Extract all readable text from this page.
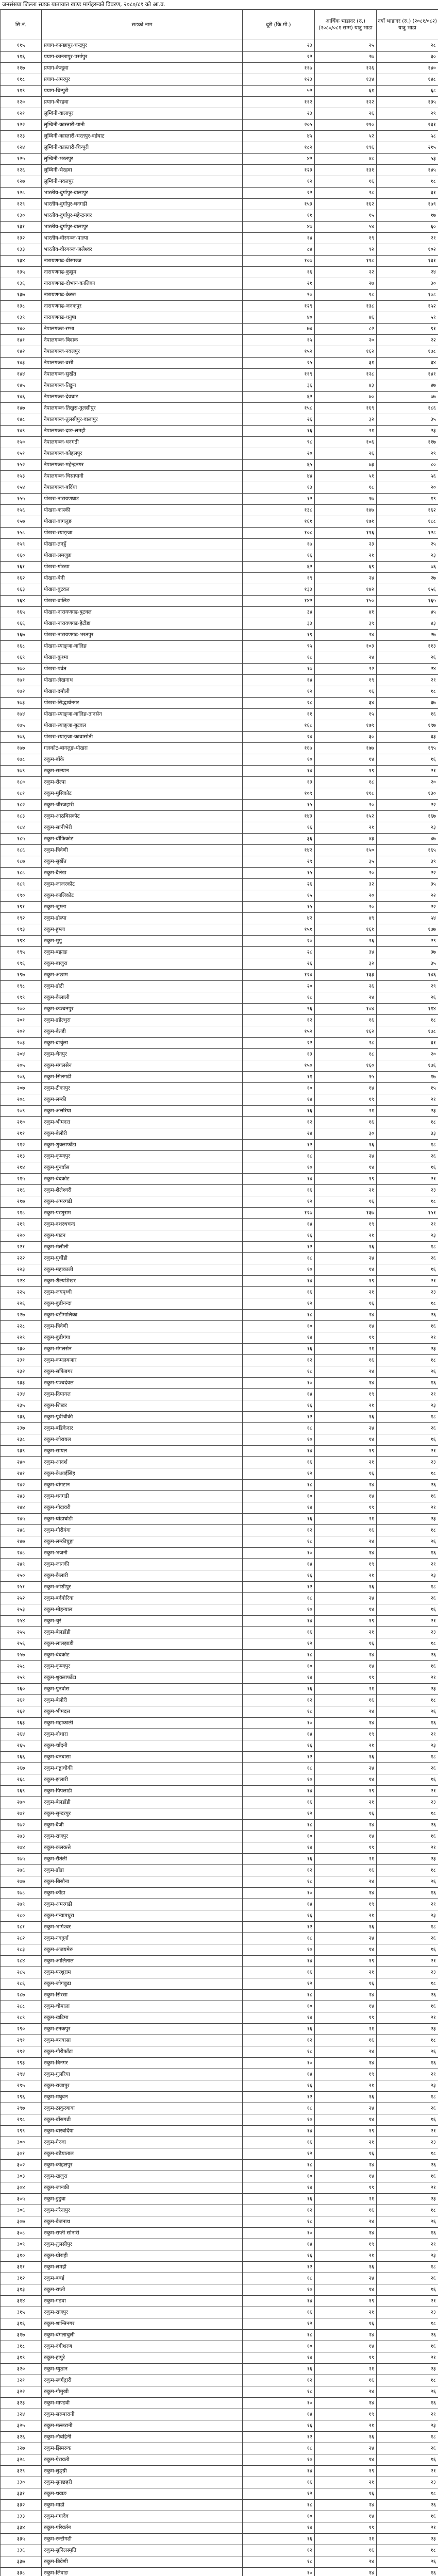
जनसंख्या जिल्ला सडक यातायात खण्ड मार्गहरूको विवरण, २०८०/८१ को आ.व.
सि.नं.	सडको नाम	दूरी (कि.मी.)	आर्थिक भाडादर (रु.) (२०८०/०८१ सम्म) यात्रु भाडा	नयाँ भाडादर (रु.) (२०८१/०८२) यात्रु भाडा
११५	प्रयाग-कान्छापुर-चन्द्रपुर	२३	२५	२८
११६	प्रयाग-कान्छापुर-पर्सापुर	२२	२७	३०
११७	प्रयाग-केन्द्रुवा	११७	१२६	१४०
११८	प्रयाग-अमरपुर	१२३	१३४	१४८
११९	प्रयाग-चिन्पुरी	५२	६१	६८
१२०	प्रयाग-भैरहवा	११२	१२२	१३५
१२१	लुम्बिनी-वालापुर	२३	२६	२९
१२२	लुम्बिनी-कास्तारी-पानी	२०५	२१०	२३१
१२३	लुम्बिनी-कास्तारी-भरतपुर-वर्डघाट	४५	५२	५८
१२४	लुम्बिनी-कास्तारी-चिन्पुरी	१८२	१९६	२१५
१२५	लुम्बिनी-भरतपुर	४२	४८	५३
१२६	लुम्बिनी-भैरहवा	१२३	१३१	१४५
१२७	लुम्बिनी-नवलपुर	१२	१६	१८
१२८	भारतीय-दुर्गापुर-वालापुर	२२	२८	३१
१२९	भारतीय-दुर्गापुर-धनगढी	१५३	१६२	१७९
१३०	भारतीय-दुर्गापुर-महेन्द्रनगर	११	१५	१७
१३१	भारतीय-दुर्गापुर-वालापुर	४७	५४	६०
१३२	भारतीय-वीरगञ्ज-पाल्पा	१४	१९	२१
१३३	भारतीय-वीरगञ्ज-जलेश्वर	८४	९२	१०२
१३४	नारायणगढ-वीरगञ्ज	१०७	११८	१३१
१३५	नारायणगढ-कुसुम	१६	२२	२४
१३६	नारायणगढ-दोभान-कालिका	२१	२७	३०
१३७	नारायणगढ-केरुङ	९०	९८	१०८
१३८	नारायणगढ-जनकपुर	१२९	१३८	१५२
१३९	नारायणगढ-धनुषा	४०	४६	५१
१४०	नेपालगञ्ज-रम्भा	७४	८२	९१
१४१	नेपालगञ्ज-बिदाक	१५	२०	२२
१४२	नेपालगञ्ज-नवलपुर	१५२	१६२	१७८
१४३	नेपालगञ्ज-वसी	२५	३१	३४
१४४	नेपालगञ्ज-सुर्खेत	११९	१२८	१४१
१४५	नेपालगञ्ज-तिङ्कुन	३६	४३	४७
१४६	नेपालगञ्ज-देवघाट	६२	७०	७७
१४७	नेपालगञ्ज-तिखुरा-तुलसीपुर	१५८	१६९	१८६
१४८	नेपालगञ्ज-तुलसीपुर-वालापुर	२६	३२	३५
१४९	नेपालगञ्ज-दाङ-लमही	१६	२१	२३
१५०	नेपालगञ्ज-धनगढी	९८	१०६	११७
१५१	नेपालगञ्ज-कोहलपुर	२०	२६	२९
१५२	नेपालगञ्ज-महेन्द्रनगर	६५	७३	८०
१५३	नेपालगञ्ज-चिसापानी	४४	५१	५६
१५४	नेपालगञ्ज-बर्दिया	१३	१८	२०
१५५	पोखरा-नारायणघाट	१२	१७	१९
१५६	पोखरा-कास्की	१३८	१४७	१६२
१५७	पोखरा-बागलुङ	१६१	१७१	१८८
१५८	पोखरा-स्याङ्जा	१०८	११६	१२८
१५९	पोखरा-तनहुँ	१७	२३	२५
१६०	पोखरा-लमजुङ	१६	२१	२३
१६१	पोखरा-गोरखा	६२	६९	७६
१६२	पोखरा-बेनी	१९	२४	२७
१६३	पोखरा-बुटवल	१३३	१४२	१५६
१६४	पोखरा-वालिङ	१४२	१५०	१६५
१६५	पोखरा-नारायणगढ-बुटवल	३४	४१	४५
१६६	पोखरा-नारायणगढ-हेटौंडा	३३	३९	४३
१६७	पोखरा-नारायणगढ-भरतपुर	१९	२४	२७
१६८	पोखरा-स्याङ्जा-वालिङ	९५	१०३	११३
१६९	पोखरा-कुश्मा	१८	२४	२६
१७०	पोखरा-पर्वत	१७	२२	२४
१७१	पोखरा-लेखनाथ	१४	१९	२१
१७२	पोखरा-दमौली	१२	१६	१८
१७३	पोखरा-सिद्धार्थनगर	२८	३४	३७
१७४	पोखरा-स्याङ्जा-वालिङ-तानसेन	११	१५	१६
१७५	पोखरा-स्याङ्जा-बुटवल	१६८	१७९	१९७
१७६	पोखरा-स्याङ्जा-कावासोती	२४	३०	३३
१७७	गलकोट-बागलुङ-पोखरा	१६७	१७७	१९५
१७८	रुकुम-बाँके	१०	१४	१६
१७९	रुकुम-सल्यान	१४	१९	२१
१८०	रुकुम-रोल्पा	१३	१८	२०
१८१	रुकुम-मुसिकोट	१०९	११८	१३०
१८२	रुकुम-चौरजहारी	१५	२०	२२
१८३	रुकुम-आठबिसकोट	१४३	१५२	१६७
१८४	रुकुम-सानीभेरी	१६	२१	२३
१८५	रुकुम-बाँफिकोट	३६	४३	४७
१८६	रुकुम-त्रिवेणी	१४२	१५०	१६५
१८७	रुकुम-सुर्खेत	२९	३५	३९
१८८	रुकुम-दैलेख	१५	२०	२२
१८९	रुकुम-जाजरकोट	२६	३२	३५
१९०	रुकुम-कालिकोट	१५	२०	२२
१९१	रुकुम-जुम्ला	१५	२०	२२
१९२	रुकुम-डोल्पा	४२	४९	५४
१९३	रुकुम-हुम्ला	१५१	१६१	१७७
१९४	रुकुम-मुगु	२०	२६	२९
१९५	रुकुम-बझाङ	२८	३४	३७
१९६	रुकुम-बाजुरा	२६	३२	३५
१९७	रुकुम-अछाम	१२४	१३३	१४६
१९८	रुकुम-डोटी	२०	२६	२९
१९९	रुकुम-कैलाली	१८	२४	२६
२००	रुकुम-कञ्चनपुर	९६	१०४	११४
२०१	रुकुम-डडेल्धुरा	१२	१६	१८
२०२	रुकुम-बैतडी	१५२	१६२	१७८
२०३	रुकुम-दार्चुला	२२	२८	३१
२०४	रुकुम-चैनपुर	१३	१८	२०
२०५	रुकुम-मंगलसेन	१५०	१६०	१७६
२०६	रुकुम-सिलगढी	११	१५	१७
२०७	रुकुम-टीकापुर	१०	१४	१५
२०८	रुकुम-लम्की	१४	१९	२१
२०९	रुकुम-अत्तरिया	१६	२१	२३
२१०	रुकुम-भीमदत्त	१२	१६	१८
२११	रुकुम-बेलौरी	२४	३०	३३
२१२	रुकुम-शुक्लाफाँटा	१२	१६	१८
२१३	रुकुम-कृष्णपुर	१८	२४	२६
२१४	रुकुम-पुनर्वास	१०	१४	१६
२१५	रुकुम-बेदकोट	१४	१९	२१
२१६	रुकुम-शैलेश्वरी	१६	२१	२३
२१७	रुकुम-अमरगढी	१२	१६	१८
२१८	रुकुम-परशुराम	१२७	१३७	१५१
२१९	रुकुम-दशरथचन्द	१४	१९	२१
२२०	रुकुम-पाटन	१६	२१	२३
२२१	रुकुम-मेलौली	१२	१६	१८
२२२	रुकुम-पुर्चौडी	१८	२४	२६
२२३	रुकुम-महाकाली	१०	१४	१६
२२४	रुकुम-शैल्यशिखर	१४	१९	२१
२२५	रुकुम-जयपृथ्वी	१६	२१	२३
२२६	रुकुम-बुढीनन्दा	१२	१६	१८
२२७	रुकुम-बडीमालिका	१८	२४	२६
२२८	रुकुम-त्रिवेणी	१०	१४	१६
२२९	रुकुम-बुढीगंगा	१४	१९	२१
२३०	रुकुम-मंगलसेन	१६	२१	२३
२३१	रुकुम-कमलबजार	१२	१६	१८
२३२	रुकुम-साँफेबगर	१८	२४	२६
२३३	रुकुम-पञ्चदेवल	१०	१४	१६
२३४	रुकुम-दिपायल	१४	१९	२१
२३५	रुकुम-शिखर	१६	२१	२३
२३६	रुकुम-पूर्वीचौकी	१२	१६	१८
२३७	रुकुम-बडिकेदार	१८	२४	२६
२३८	रुकुम-जोरायल	१०	१४	१६
२३९	रुकुम-सायल	१४	१९	२१
२४०	रुकुम-आदर्श	१६	२१	२३
२४१	रुकुम-केआईसिंह	१२	१६	१८
२४२	रुकुम-बोगटान	१८	२४	२६
२४३	रुकुम-धनगढी	१०	१४	१६
२४४	रुकुम-गोदावरी	१४	१९	२१
२४५	रुकुम-घोडाघोडी	१६	२१	२३
२४६	रुकुम-गौरीगंगा	१२	१६	१८
२४७	रुकुम-लम्कीचुहा	१८	२४	२६
२४८	रुकुम-भजनी	१०	१४	१६
२४९	रुकुम-जानकी	१४	१९	२१
२५०	रुकुम-कैलारी	१६	२१	२३
२५१	रुकुम-जोशीपुर	१२	१६	१८
२५२	रुकुम-बर्दगोरिया	१८	२४	२६
२५३	रुकुम-मोहन्याल	१०	१४	१६
२५४	रुकुम-चुरे	१४	१९	२१
२५५	रुकुम-बेलडाँडी	१६	२१	२३
२५६	रुकुम-लालझाडी	१२	१६	१८
२५७	रुकुम-बेदकोट	१८	२४	२६
२५८	रुकुम-कृष्णपुर	१०	१४	१६
२५९	रुकुम-शुक्लाफाँटा	१४	१९	२१
२६०	रुकुम-पुनर्वास	१६	२१	२३
२६१	रुकुम-बेलौरी	१२	१६	१८
२६२	रुकुम-भीमदत्त	१८	२४	२६
२६३	रुकुम-महाकाली	१०	१४	१६
२६४	रुकुम-दोधारा	१४	१९	२१
२६५	रुकुम-चाँदनी	१६	२१	२३
२६६	रुकुम-बनबासा	१२	१६	१८
२६७	रुकुम-गड्डाचौकी	१८	२४	२६
२६८	रुकुम-झलारी	१०	१४	१६
२६९	रुकुम-पिपलाडी	१४	१९	२१
२७०	रुकुम-बेलडाँडी	१६	२१	२३
२७१	रुकुम-सुन्दरपुर	१२	१६	१८
२७२	रुकुम-दैजी	१८	२४	२६
२७३	रुकुम-राजपुर	१०	१४	१६
२७४	रुकुम-कलकत्ते	१४	१९	२१
२७५	रुकुम-रौतेली	१६	२१	२३
२७६	रुकुम-डाँडा	१२	१६	१८
२७७	रुकुम-बिसौना	१८	२४	२६
२७८	रुकुम-काँडा	१०	१४	१६
२७९	रुकुम-अमरगढी	१४	१९	२१
२८०	रुकुम-गन्यापधुरा	१६	२१	२३
२८१	रुकुम-भागेश्वर	१२	१६	१८
२८२	रुकुम-नवदुर्गा	१८	२४	२६
२८३	रुकुम-अजयमेरु	१०	१४	१६
२८४	रुकुम-आलिताल	१४	१९	२१
२८५	रुकुम-परशुराम	१६	२१	२३
२८६	रुकुम-जोगबुढा	१२	१६	१८
२८७	रुकुम-सिरसा	१८	२४	२६
२८८	रुकुम-चौमाला	१०	१४	१६
२८९	रुकुम-खटिमा	१४	१९	२१
२९०	रुकुम-टनकपुर	१६	२१	२३
२९१	रुकुम-बनबासा	१२	१६	१८
२९२	रुकुम-गौरीफाँटा	१८	२४	२६
२९३	रुकुम-त्रिनगर	१०	१४	१६
२९४	रुकुम-गुलरिया	१४	१९	२१
२९५	रुकुम-राजापुर	१६	२१	२३
२९६	रुकुम-मधुवन	१२	१६	१८
२९७	रुकुम-ठाकुरबाबा	१८	२४	२६
२९८	रुकुम-बाँसगढी	१०	१४	१६
२९९	रुकुम-बारबर्दिया	१४	१९	२१
३००	रुकुम-गेरुवा	१६	२१	२३
३०१	रुकुम-बढैयाताल	१२	१६	१८
३०२	रुकुम-कोहलपुर	१८	२४	२६
३०३	रुकुम-खजुरा	१०	१४	१६
३०४	रुकुम-जानकी	१४	१९	२१
३०५	रुकुम-डुडुवा	१६	२१	२३
३०६	रुकुम-नरैनापुर	१२	१६	१८
३०७	रुकुम-बैजनाथ	१८	२४	२६
३०८	रुकुम-राप्ती सोनारी	१०	१४	१६
३०९	रुकुम-तुलसीपुर	१४	१९	२१
३१०	रुकुम-घोराही	१६	२१	२३
३११	रुकुम-लमही	१२	१६	१८
३१२	रुकुम-बबई	१८	२४	२६
३१३	रुकुम-राप्ती	१०	१४	१६
३१४	रुकुम-गढवा	१४	१९	२१
३१५	रुकुम-राजपुर	१६	२१	२३
३१६	रुकुम-शान्तिनगर	१२	१६	१८
३१७	रुकुम-बंगलाचुली	१८	२४	२६
३१८	रुकुम-दंगीशरण	१०	१४	१६
३१९	रुकुम-हापुरे	१४	१९	२१
३२०	रुकुम-प्युठान	१६	२१	२३
३२१	रुकुम-स्वर्गद्वारी	१२	१६	१८
३२२	रुकुम-गौमुखी	१८	२४	२६
३२३	रुकुम-माण्डवी	१०	१४	१६
३२४	रुकुम-सरुमारानी	१४	१९	२१
३२५	रुकुम-मल्लरानी	१६	२१	२३
३२६	रुकुम-नौबहिनी	१२	१६	१८
३२७	रुकुम-झिमरुक	१८	२४	२६
३२८	रुकुम-ऐरावती	१०	१४	१६
३२९	रुकुम-लुङ्ग्री	१४	१९	२१
३३०	रुकुम-सुनछहरी	१६	२१	२३
३३१	रुकुम-थवाङ	१२	१६	१८
३३२	रुकुम-माडी	१८	२४	२६
३३३	रुकुम-गंगादेव	१०	१४	१६
३३४	रुकुम-परिवर्तन	१४	१९	२१
३३५	रुकुम-रुन्टीगढी	१६	२१	२३
३३६	रुकुम-सुनिलस्मृति	१२	१६	१८
३३७	रुकुम-त्रिवेणी	१८	२४	२६
३३८	रुकुम-लिवाङ	१०	१४	१६
